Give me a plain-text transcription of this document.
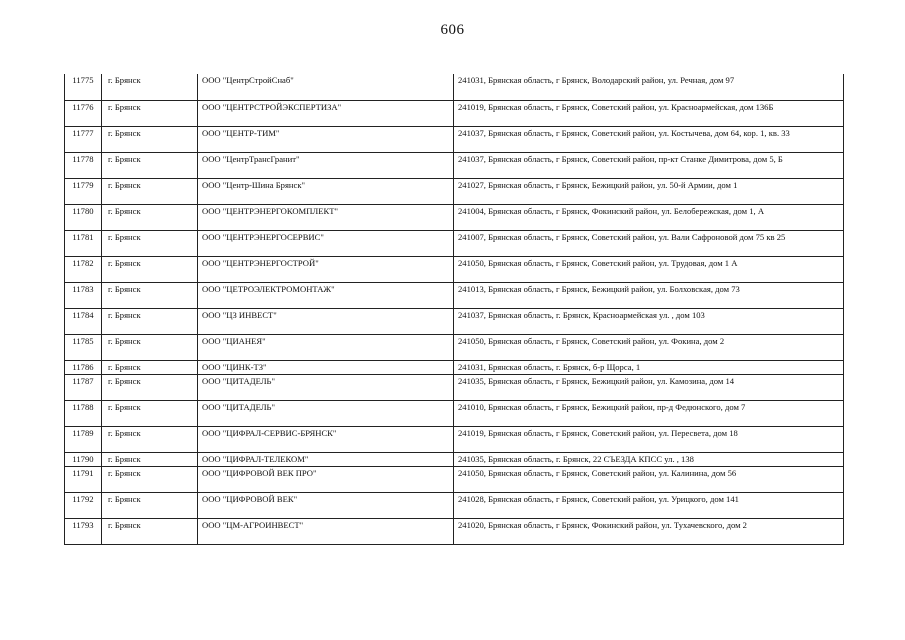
606
11775	г. Брянск	ООО "ЦентрСтройСнаб"	241031, Брянская область, г Брянск, Володарский район, ул. Речная, дом 97
11776	г. Брянск	ООО "ЦЕНТРСТРОЙЭКСПЕРТИЗА"	241019, Брянская область, г Брянск, Советский район, ул. Красноармейская, дом 136Б
11777	г. Брянск	ООО "ЦЕНТР-ТИМ"	241037, Брянская область, г Брянск, Советский район, ул. Костычева, дом 64, кор. 1, кв. 33
11778	г. Брянск	ООО "ЦентрТрансГранит"	241037, Брянская область, г Брянск, Советский район, пр-кт Станке Димитрова, дом 5, Б
11779	г. Брянск	ООО "Центр-Шина Брянск"	241027, Брянская область, г Брянск, Бежицкий район, ул. 50-й Армии, дом 1
11780	г. Брянск	ООО "ЦЕНТРЭНЕРГОКОМПЛЕКТ"	241004, Брянская область, г Брянск, Фокинский район, ул. Белобережская, дом 1, А
11781	г. Брянск	ООО "ЦЕНТРЭНЕРГОСЕРВИС"	241007, Брянская область, г Брянск, Советский район, ул. Вали Сафроновой дом 75 кв 25
11782	г. Брянск	ООО "ЦЕНТРЭНЕРГОСТРОЙ"	241050, Брянская область, г Брянск, Советский район, ул. Трудовая, дом 1 А
11783	г. Брянск	ООО "ЦЕТРОЭЛЕКТРОМОНТАЖ"	241013, Брянская область, г Брянск, Бежицкий район, ул. Болховская, дом 73
11784	г. Брянск	ООО "ЦЗ ИНВЕСТ"	241037, Брянская область, г. Брянск, Красноармейская ул. , дом 103
11785	г. Брянск	ООО "ЦИАНЕЯ"	241050, Брянская область, г Брянск, Советский район, ул. Фокина, дом 2
11786	г. Брянск	ООО "ЦИНК-ТЗ"	241031, Брянская область, г. Брянск, б-р Щорса, 1
11787	г. Брянск	ООО "ЦИТАДЕЛЬ"	241035, Брянская область, г Брянск, Бежицкий район, ул. Камозина, дом 14
11788	г. Брянск	ООО "ЦИТАДЕЛЬ"	241010, Брянская область, г Брянск, Бежицкий район, пр-д Федюнского, дом 7
11789	г. Брянск	ООО "ЦИФРАЛ-СЕРВИС-БРЯНСК"	241019, Брянская область, г Брянск, Советский район, ул. Пересвета, дом 18
11790	г. Брянск	ООО "ЦИФРАЛ-ТЕЛЕКОМ"	241035, Брянская область, г. Брянск, 22 СЪЕЗДА КПСС ул. , 138
11791	г. Брянск	ООО "ЦИФРОВОЙ ВЕК ПРО"	241050, Брянская область, г Брянск, Советский район, ул. Калинина, дом 56
11792	г. Брянск	ООО "ЦИФРОВОЙ ВЕК"	241028, Брянская область, г Брянск, Советский район, ул. Урицкого, дом 141
11793	г. Брянск	ООО "ЦМ-АГРОИНВЕСТ"	241020, Брянская область, г Брянск, Фокинский район, ул. Тухачевского, дом 2
